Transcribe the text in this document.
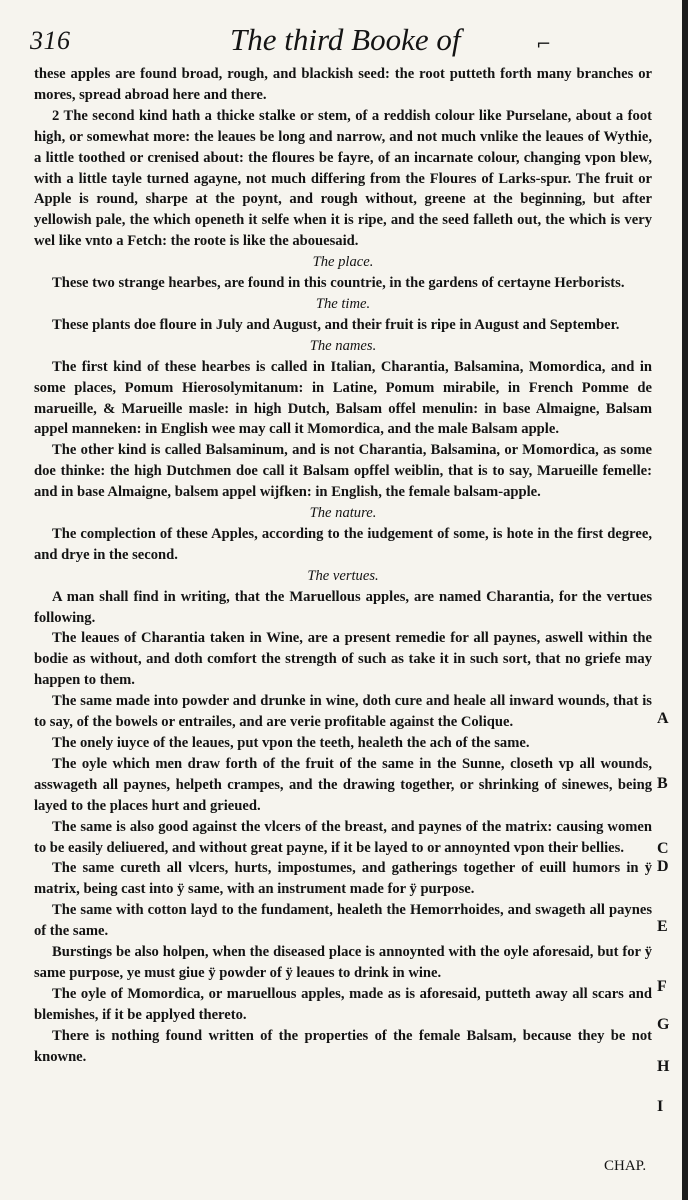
316	The third Booke of	⌐

these apples are found broad, rough, and blackish seed: the root putteth forth many branches or mores, spread abroad here and there.

2 The second kind hath a thicke stalke or stem, of a reddish colour like Purselane, about a foot high, or somewhat more: the leaues be long and narrow, and not much vnlike the leaues of Wythie, a little toothed or crenised about: the floures be fayre, of an incarnate colour, changing vpon blew, with a little tayle turned agayne, not much differing from the Floures of Larks-spur. The fruit or Apple is round, sharpe at the poynt, and rough without, greene at the beginning, but after yellowish pale, the which openeth it selfe when it is ripe, and the seed falleth out, the which is very wel like vnto a Fetch: the roote is like the abouesaid.

The place.

These two strange hearbes, are found in this countrie, in the gardens of certayne Herborists.

The time.

These plants doe floure in July and August, and their fruit is ripe in August and September.

The names.

The first kind of these hearbes is called in Italian, Charantia, Balsamina, Momordica, and in some places, Pomum Hierosolymitanum: in Latine, Pomum mirabile, in French Pomme de marueille, & Marueille masle: in high Dutch, Balsam offel menulin: in base Almaigne, Balsam appel manneken: in English wee may call it Momordica, and the male Balsam apple.

The other kind is called Balsaminum, and is not Charantia, Balsamina, or Momordica, as some doe thinke: the high Dutchmen doe call it Balsam opffel weiblin, that is to say, Marueille femelle: and in base Almaigne, balsem appel wijfken: in English, the female balsam-apple.

The nature.

The complection of these Apples, according to the iudgement of some, is hote in the first degree, and drye in the second.

The vertues.

A man shall find in writing, that the Maruellous apples, are named Charantia, for the vertues following.

The leaues of Charantia taken in Wine, are a present remedie for all paynes, aswell within the bodie as without, and doth comfort the strength of such as take it in such sort, that no griefe may happen to them.

The same made into powder and drunke in wine, doth cure and heale all inward wounds, that is to say, of the bowels or entrailes, and are verie profitable against the Colique.

The onely iuyce of the leaues, put vpon the teeth, healeth the ach of the same.

The oyle which men draw forth of the fruit of the same in the Sunne, closeth vp all wounds, asswageth all paynes, helpeth crampes, and the drawing together, or shrinking of sinewes, being layed to the places hurt and grieued.

The same is also good against the vlcers of the breast, and paynes of the matrix: causing women to be easily deliuered, and without great payne, if it be layed to or annoynted vpon their bellies.

The same cureth all vlcers, hurts, impostumes, and gatherings together of euill humors in ÿ matrix, being cast into ÿ same, with an instrument made for ÿ purpose.

The same with cotton layd to the fundament, healeth the Hemorrhoides, and swageth all paynes of the same.

Burstings be also holpen, when the diseased place is annoynted with the oyle aforesaid, but for ÿ same purpose, ye must giue ÿ powder of ÿ leaues to drink in wine.

The oyle of Momordica, or maruellous apples, made as is aforesaid, putteth away all scars and blemishes, if it be applyed thereto.

There is nothing found written of the properties of the female Balsam, because they be not knowne.

A
B
C
D
E
F
G
H
I
CHAP.
